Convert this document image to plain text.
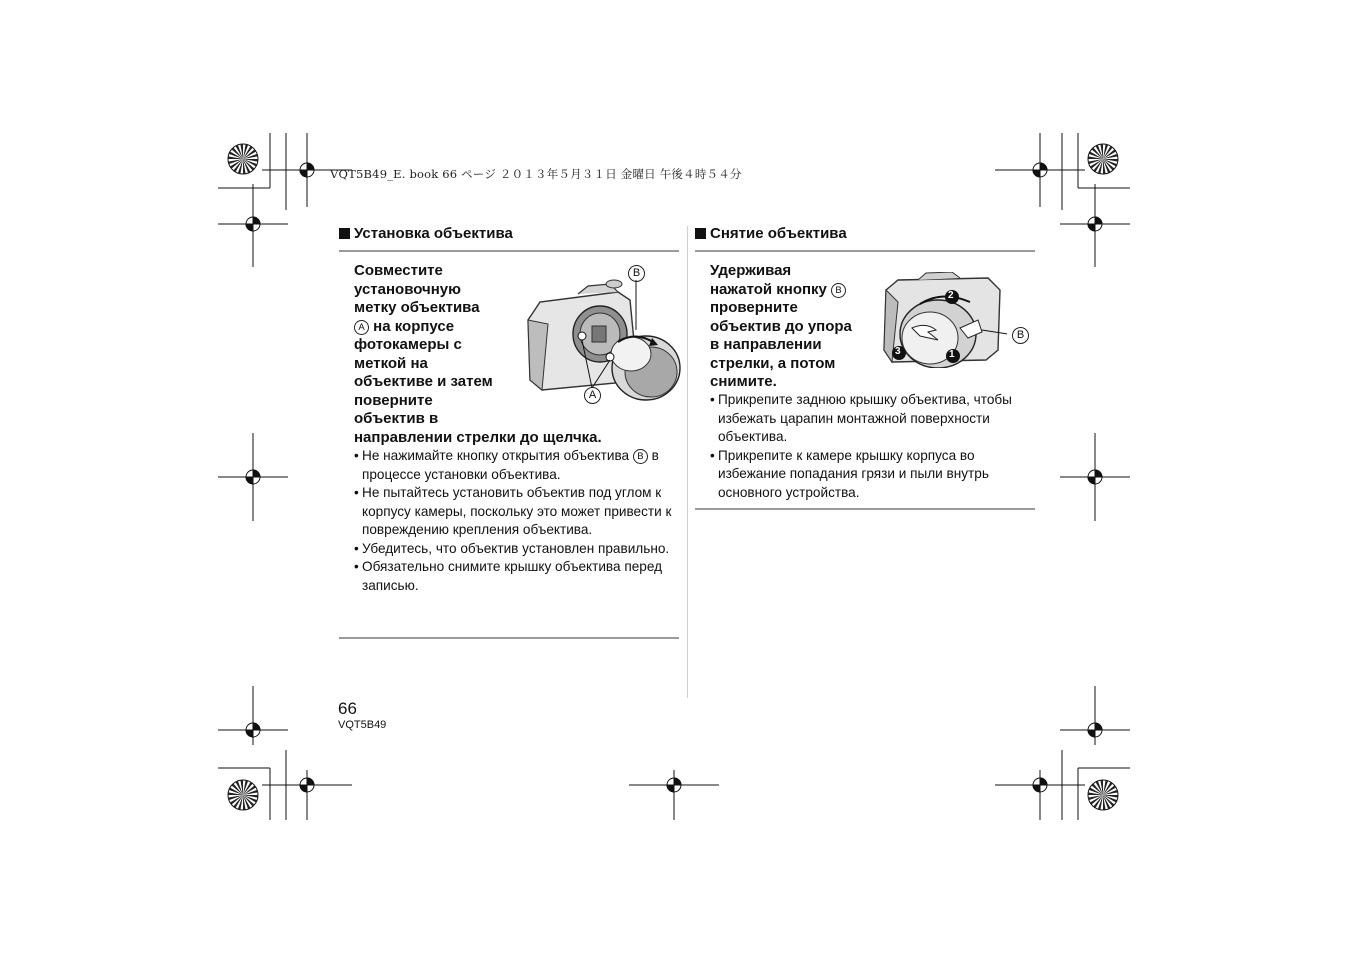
VQT5B49_E. book 66 ページ ２０１３年５月３１日 金曜日 午後４時５４分
Установка объектива
Совместите
установочную
метку объектива
A на корпусе
фотокамеры с
меткой на
объективе и затем
поверните
объектив в
направлении стрелки до щелчка.
• Не нажимайте кнопку открытия объектива B в процессе установки объектива.
• Не пытайтесь установить объектив под углом к корпусу камеры, поскольку это может привести к повреждению крепления объектива.
• Убедитесь, что объектив установлен правильно.
• Обязательно снимите крышку объектива перед записью.
B
A
Снятие объектива
Удерживая
нажатой кнопку B
проверните
объектив до упора
в направлении
стрелки, а потом
снимите.
• Прикрепите заднюю крышку объектива, чтобы избежать царапин монтажной поверхности объектива.
• Прикрепите к камере крышку корпуса во избежание попадания грязи и пыли внутрь основного устройства.
2
1
3
B
66
VQT5B49
